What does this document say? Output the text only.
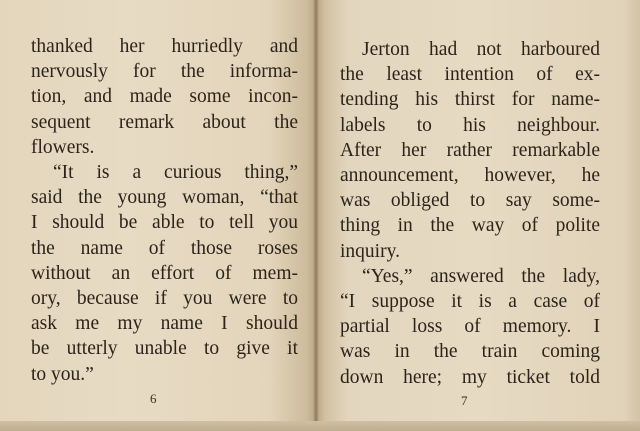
thanked her hurriedly and
nervously for the informa-
tion, and made some incon-
sequent remark about the
flowers.
“It is a curious thing,”
said the young woman, “that
I should be able to tell you
the name of those roses
without an effort of mem-
ory, because if you were to
ask me my name I should
be utterly unable to give it
to you.”
6
Jerton had not harboured
the least intention of ex-
tending his thirst for name-
labels to his neighbour.
After her rather remarkable
announcement, however, he
was obliged to say some-
thing in the way of polite
inquiry.
“Yes,” answered the lady,
“I suppose it is a case of
partial loss of memory. I
was in the train coming
down here; my ticket told
7
